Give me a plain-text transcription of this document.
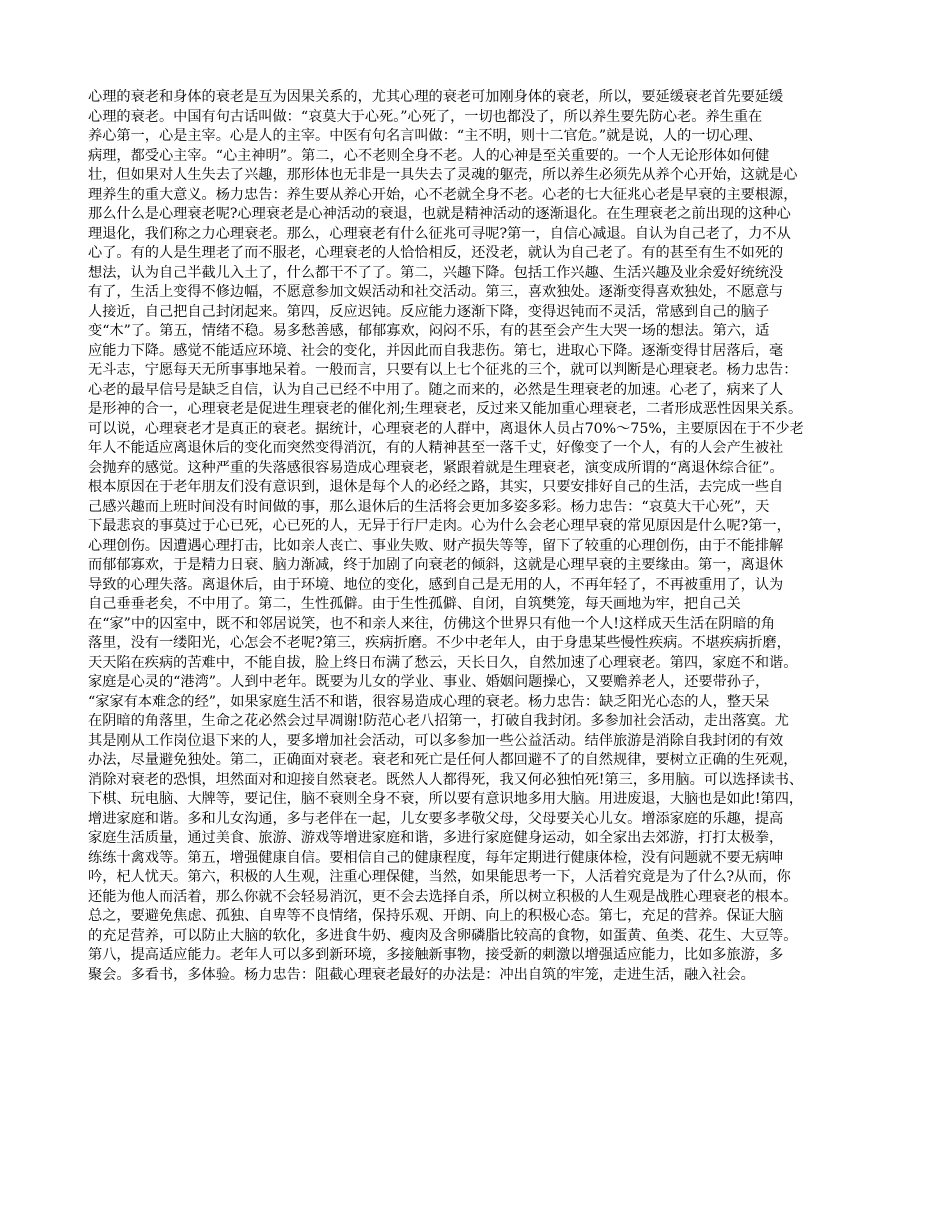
心理的衰老和身体的衰老是互为因果关系的，尤其心理的衰老可加刚身体的衰老，所以，要延缓衰老首先要延缓
心理的衰老。中国有句古话叫做：“哀莫大于心死。”心死了，一切也都没了，所以养生要先防心老。养生重在
养心第一，心是主宰。心是人的主宰。中医有句名言叫做：“主不明，则十二官危。”就是说，人的一切心理、
病理，都受心主宰。“心主神明”。第二，心不老则全身不老。人的心神是至关重要的。一个人无论形体如何健
壮，但如果对人生失去了兴趣，那形体也无非是一具失去了灵魂的躯壳，所以养生必须先从养个心开始，这就是心
理养生的重大意义。杨力忠告：养生要从养心开始，心不老就全身不老。心老的七大征兆心老是早衰的主要根源，
那么什么是心理衰老呢?心理衰老是心神活动的衰退，也就是精神活动的逐渐退化。在生理衰老之前出现的这种心
理退化，我们称之力心理衰老。那么，心理衰老有什么征兆可寻呢?第一，自信心减退。自认为自己老了，力不从
心了。有的人是生理老了而不服老，心理衰老的人恰恰相反，还没老，就认为自己老了。有的甚至有生不如死的
想法，认为自己半截儿入土了，什么都干不了了。第二，兴趣下降。包括工作兴趣、生活兴趣及业余爱好统统没
有了，生活上变得不修边幅，不愿意参加文娱活动和社交活动。第三，喜欢独处。逐渐变得喜欢独处，不愿意与
人接近，自己把自己封闭起来。第四，反应迟钝。反应能力逐渐下降，变得迟钝而不灵活，常感到自己的脑子
变“木”了。第五，情绪不稳。易多愁善感，郁郁寡欢，闷闷不乐，有的甚至会产生大哭一场的想法。第六，适
应能力下降。感觉不能适应环境、社会的变化，并因此而自我悲伤。第七，进取心下降。逐渐变得甘居落后，毫
无斗志，宁愿每天无所事事地呆着。一般而言，只要有以上七个征兆的三个，就可以判断是心理衰老。杨力忠告：
心老的最早信号是缺乏自信，认为自己已经不中用了。随之而来的，必然是生理衰老的加速。心老了，病来了人
是形神的合一，心理衰老是促进生理衰老的催化剂;生理衰老，反过来又能加重心理衰老，二者形成恶性因果关系。
可以说，心理衰老才是真正的衰老。据统计，心理衰老的人群中，离退休人员占70%～75%，主要原因在于不少老
年人不能适应离退休后的变化而突然变得消沉，有的人精神甚至一落千丈，好像变了一个人，有的人会产生被社
会抛弃的感觉。这种严重的失落感很容易造成心理衰老，紧跟着就是生理衰老，演变成所谓的“离退休综合征”。
根本原因在于老年朋友们没有意识到，退休是每个人的必经之路，其实，只要安排好自己的生活，去完成一些自
己感兴趣而上班时间没有时间做的事，那么退休后的生活将会更加多姿多彩。杨力忠告：“哀莫大干心死”，天
下最悲哀的事莫过于心已死，心已死的人，无异于行尸走肉。心为什么会老心理早衰的常见原因是什么呢?第一，
心理创伤。因遭遇心理打击，比如亲人丧亡、事业失败、财产损失等等，留下了较重的心理创伤，由于不能排解
而郁郁寡欢，于是精力日衰、脑力渐减，终于加剧了向衰老的倾斜，这就是心理早衰的主要缘由。第一，离退休
导致的心理失落。离退休后，由于环境、地位的变化，感到自己是无用的人，不再年轻了，不再被重用了，认为
自己垂垂老矣，不中用了。第二，生性孤僻。由于生性孤僻、自闭，自筑樊笼，每天画地为牢，把自己关
在“家”中的囚室中，既不和邻居说笑，也不和亲人来往，仿佛这个世界只有他一个人!这样成天生活在阴暗的角
落里，没有一缕阳光，心怎会不老呢?第三，疾病折磨。不少中老年人，由于身患某些慢性疾病。不堪疾病折磨，
天天陷在疾病的苦难中，不能自拔，脸上终日布满了愁云，天长日久，自然加速了心理衰老。第四，家庭不和谐。
家庭是心灵的“港湾”。人到中老年。既要为儿女的学业、事业、婚姻问题操心，又要赡养老人，还要带孙子，
“家家有本难念的经”，如果家庭生活不和谐，很容易造成心理的衰老。杨力忠告：缺乏阳光心态的人，整天呆
在阴暗的角落里，生命之花必然会过早凋谢!防范心老八招第一，打破自我封闭。多参加社会活动，走出落寞。尤
其是刚从工作岗位退下来的人，要多增加社会活动，可以多参加一些公益活动。结伴旅游是消除自我封闭的有效
办法，尽量避免独处。第二，正确面对衰老。衰老和死亡是任何人都回避不了的自然规律，要树立正确的生死观，
消除对衰老的恐惧，坦然面对和迎接自然衰老。既然人人都得死，我又何必独怕死!第三，多用脑。可以选择读书、
下棋、玩电脑、大牌等，要记住，脑不衰则全身不衰，所以要有意识地多用大脑。用进废退，大脑也是如此!第四，
增进家庭和谐。多和儿女沟通，多与老伴在一起，儿女要多孝敬父母，父母要关心儿女。增添家庭的乐趣，提高
家庭生活质量，通过美食、旅游、游戏等增进家庭和谐，多进行家庭健身运动，如全家出去郊游，打打太极拳，
练练十禽戏等。第五，增强健康自信。要相信自己的健康程度，每年定期进行健康体检，没有问题就不要无病呻
吟，杞人忧天。第六，积极的人生观，注重心理保健，当然，如果能思考一下，人活着究竟是为了什么?从而，你
还能为他人而活着，那么你就不会轻易消沉，更不会去选择自杀，所以树立积极的人生观是战胜心理衰老的根本。
总之，要避免焦虑、孤独、自卑等不良情绪，保持乐观、开朗、向上的积极心态。第七，充足的营养。保证大脑
的充足营养，可以防止大脑的软化，多进食牛奶、瘦肉及含卵磷脂比较高的食物，如蛋黄、鱼类、花生、大豆等。
第八，提高适应能力。老年人可以多到新环境，多接触新事物，接受新的刺激以增强适应能力，比如多旅游，多
聚会。多看书，多体验。杨力忠告：阻截心理衰老最好的办法是：冲出自筑的牢笼，走进生活，融入社会。
